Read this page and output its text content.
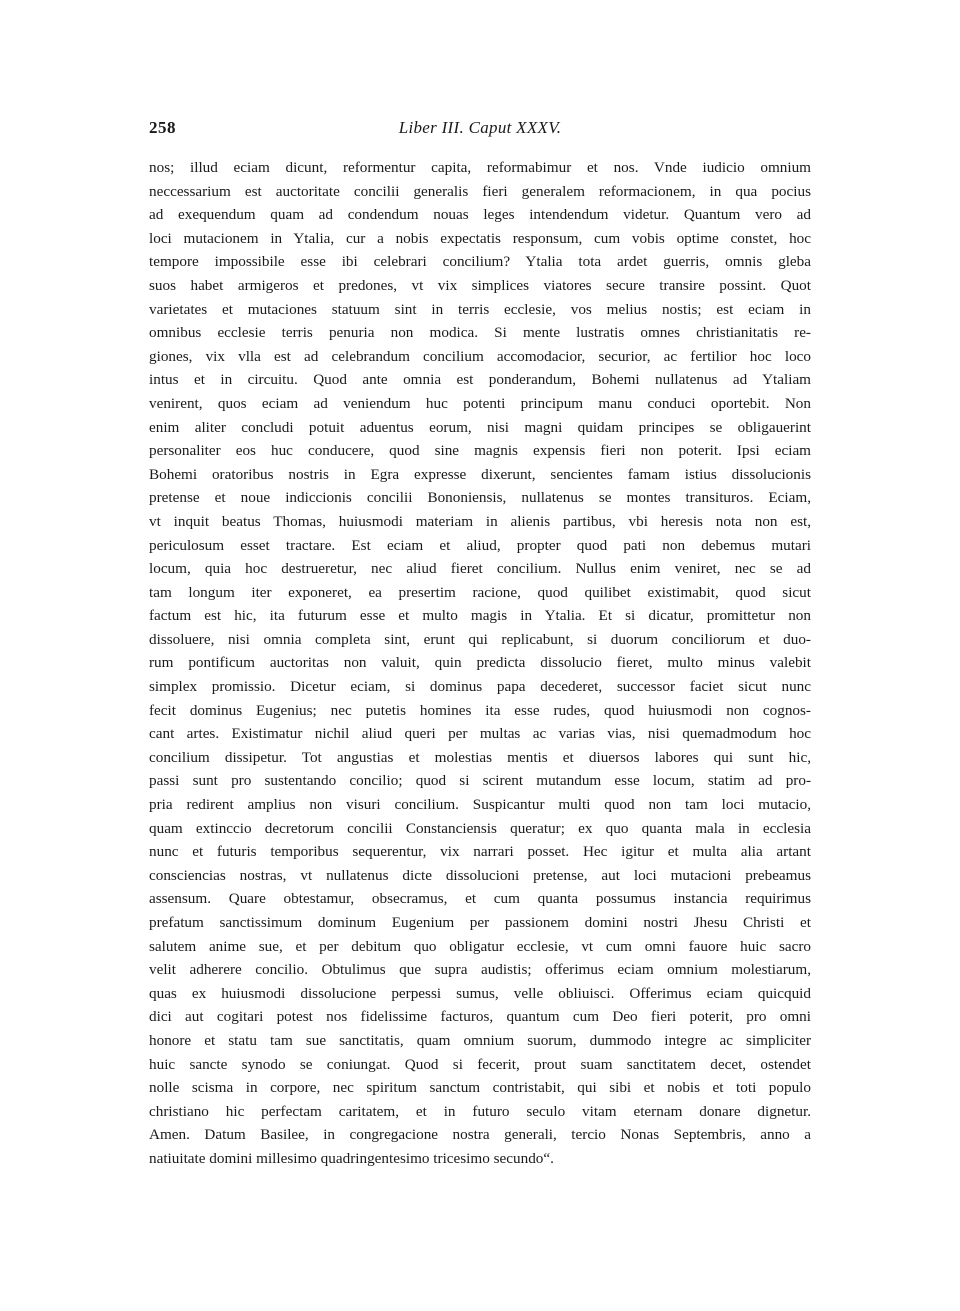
258	Liber III. Caput XXXV.
nos; illud eciam dicunt, reformentur capita, reformabimur et nos. Vnde iudicio omnium
neccessarium est auctoritate concilii generalis fieri generalem reformacionem, in qua pocius
ad exequendum quam ad condendum nouas leges intendendum videtur. Quantum vero ad
loci mutacionem in Ytalia, cur a nobis expectatis responsum, cum vobis optime constet, hoc
tempore impossibile esse ibi celebrari concilium? Ytalia tota ardet guerris, omnis gleba
suos habet armigeros et predones, vt vix simplices viatores secure transire possint. Quot
varietates et mutaciones statuum sint in terris ecclesie, vos melius nostis; est eciam in
omnibus ecclesie terris penuria non modica. Si mente lustratis omnes christianitatis re-
giones, vix vlla est ad celebrandum concilium accomodacior, securior, ac fertilior hoc loco
intus et in circuitu. Quod ante omnia est ponderandum, Bohemi nullatenus ad Ytaliam
venirent, quos eciam ad veniendum huc potenti principum manu conduci oportebit. Non
enim aliter concludi potuit aduentus eorum, nisi magni quidam principes se obligauerint
personaliter eos huc conducere, quod sine magnis expensis fieri non poterit. Ipsi eciam
Bohemi oratoribus nostris in Egra expresse dixerunt, sencientes famam istius dissolucionis
pretense et noue indiccionis concilii Bononiensis, nullatenus se montes transituros. Eciam,
vt inquit beatus Thomas, huiusmodi materiam in alienis partibus, vbi heresis nota non est,
periculosum esset tractare. Est eciam et aliud, propter quod pati non debemus mutari
locum, quia hoc destrueretur, nec aliud fieret concilium. Nullus enim veniret, nec se ad
tam longum iter exponeret, ea presertim racione, quod quilibet existimabit, quod sicut
factum est hic, ita futurum esse et multo magis in Ytalia. Et si dicatur, promittetur non
dissoluere, nisi omnia completa sint, erunt qui replicabunt, si duorum conciliorum et duo-
rum pontificum auctoritas non valuit, quin predicta dissolucio fieret, multo minus valebit
simplex promissio. Dicetur eciam, si dominus papa decederet, successor faciet sicut nunc
fecit dominus Eugenius; nec putetis homines ita esse rudes, quod huiusmodi non cognos-
cant artes. Existimatur nichil aliud queri per multas ac varias vias, nisi quemadmodum hoc
concilium dissipetur. Tot angustias et molestias mentis et diuersos labores qui sunt hic,
passi sunt pro sustentando concilio; quod si scirent mutandum esse locum, statim ad pro-
pria redirent amplius non visuri concilium. Suspicantur multi quod non tam loci mutacio,
quam extinccio decretorum concilii Constanciensis queratur; ex quo quanta mala in ecclesia
nunc et futuris temporibus sequerentur, vix narrari posset. Hec igitur et multa alia artant
consciencias nostras, vt nullatenus dicte dissolucioni pretense, aut loci mutacioni prebeamus
assensum. Quare obtestamur, obsecramus, et cum quanta possumus instancia requirimus
prefatum sanctissimum dominum Eugenium per passionem domini nostri Jhesu Christi et
salutem anime sue, et per debitum quo obligatur ecclesie, vt cum omni fauore huic sacro
velit adherere concilio. Obtulimus que supra audistis; offerimus eciam omnium molestiarum,
quas ex huiusmodi dissolucione perpessi sumus, velle obliuisci. Offerimus eciam quicquid
dici aut cogitari potest nos fidelissime facturos, quantum cum Deo fieri poterit, pro omni
honore et statu tam sue sanctitatis, quam omnium suorum, dummodo integre ac simpliciter
huic sancte synodo se coniungat. Quod si fecerit, prout suam sanctitatem decet, ostendet
nolle scisma in corpore, nec spiritum sanctum contristabit, qui sibi et nobis et toti populo
christiano hic perfectam caritatem, et in futuro seculo vitam eternam donare dignetur.
Amen. Datum Basilee, in congregacione nostra generali, tercio Nonas Septembris, anno a
natiuitate domini millesimo quadringentesimo tricesimo secundo“.
